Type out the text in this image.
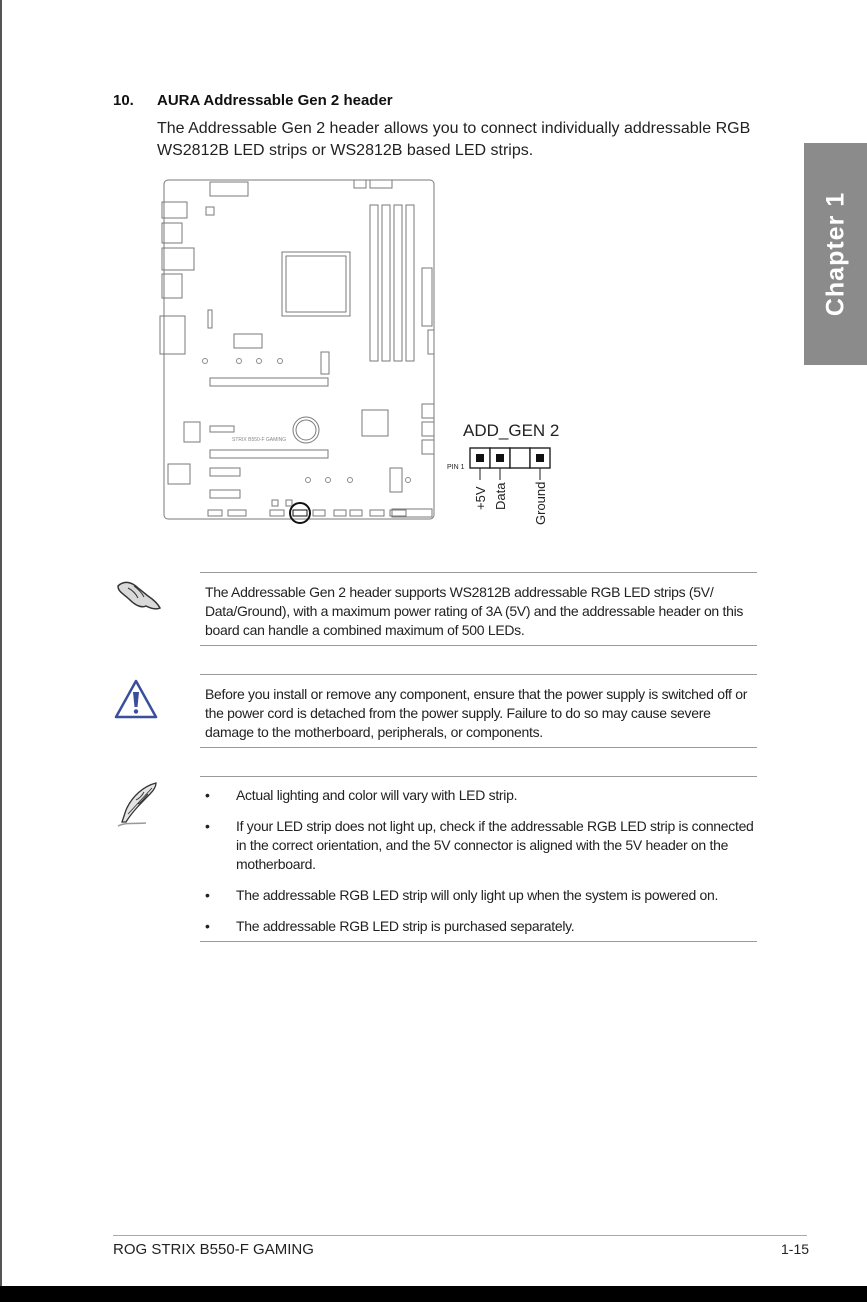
10. AURA Addressable Gen 2 header
The Addressable Gen 2 header allows you to connect individually addressable RGB WS2812B LED strips or WS2812B based LED strips.
Chapter 1
STRIX B550-F GAMING	ADD_GEN 2
PIN 1
+5V Data Ground
The Addressable Gen 2 header supports WS2812B addressable RGB LED strips (5V/ Data/Ground), with a maximum power rating of 3A (5V) and the addressable header on this board can handle a combined maximum of 500 LEDs.
Before you install or remove any component, ensure that the power supply is switched off or the power cord is detached from the power supply. Failure to do so may cause severe damage to the motherboard, peripherals, or components.
• Actual lighting and color will vary with LED strip.
• If your LED strip does not light up, check if the addressable RGB LED strip is connected in the correct orientation, and the 5V connector is aligned with the 5V header on the motherboard.
• The addressable RGB LED strip will only light up when the system is powered on.
• The addressable RGB LED strip is purchased separately.
ROG STRIX B550-F GAMING	1-15
